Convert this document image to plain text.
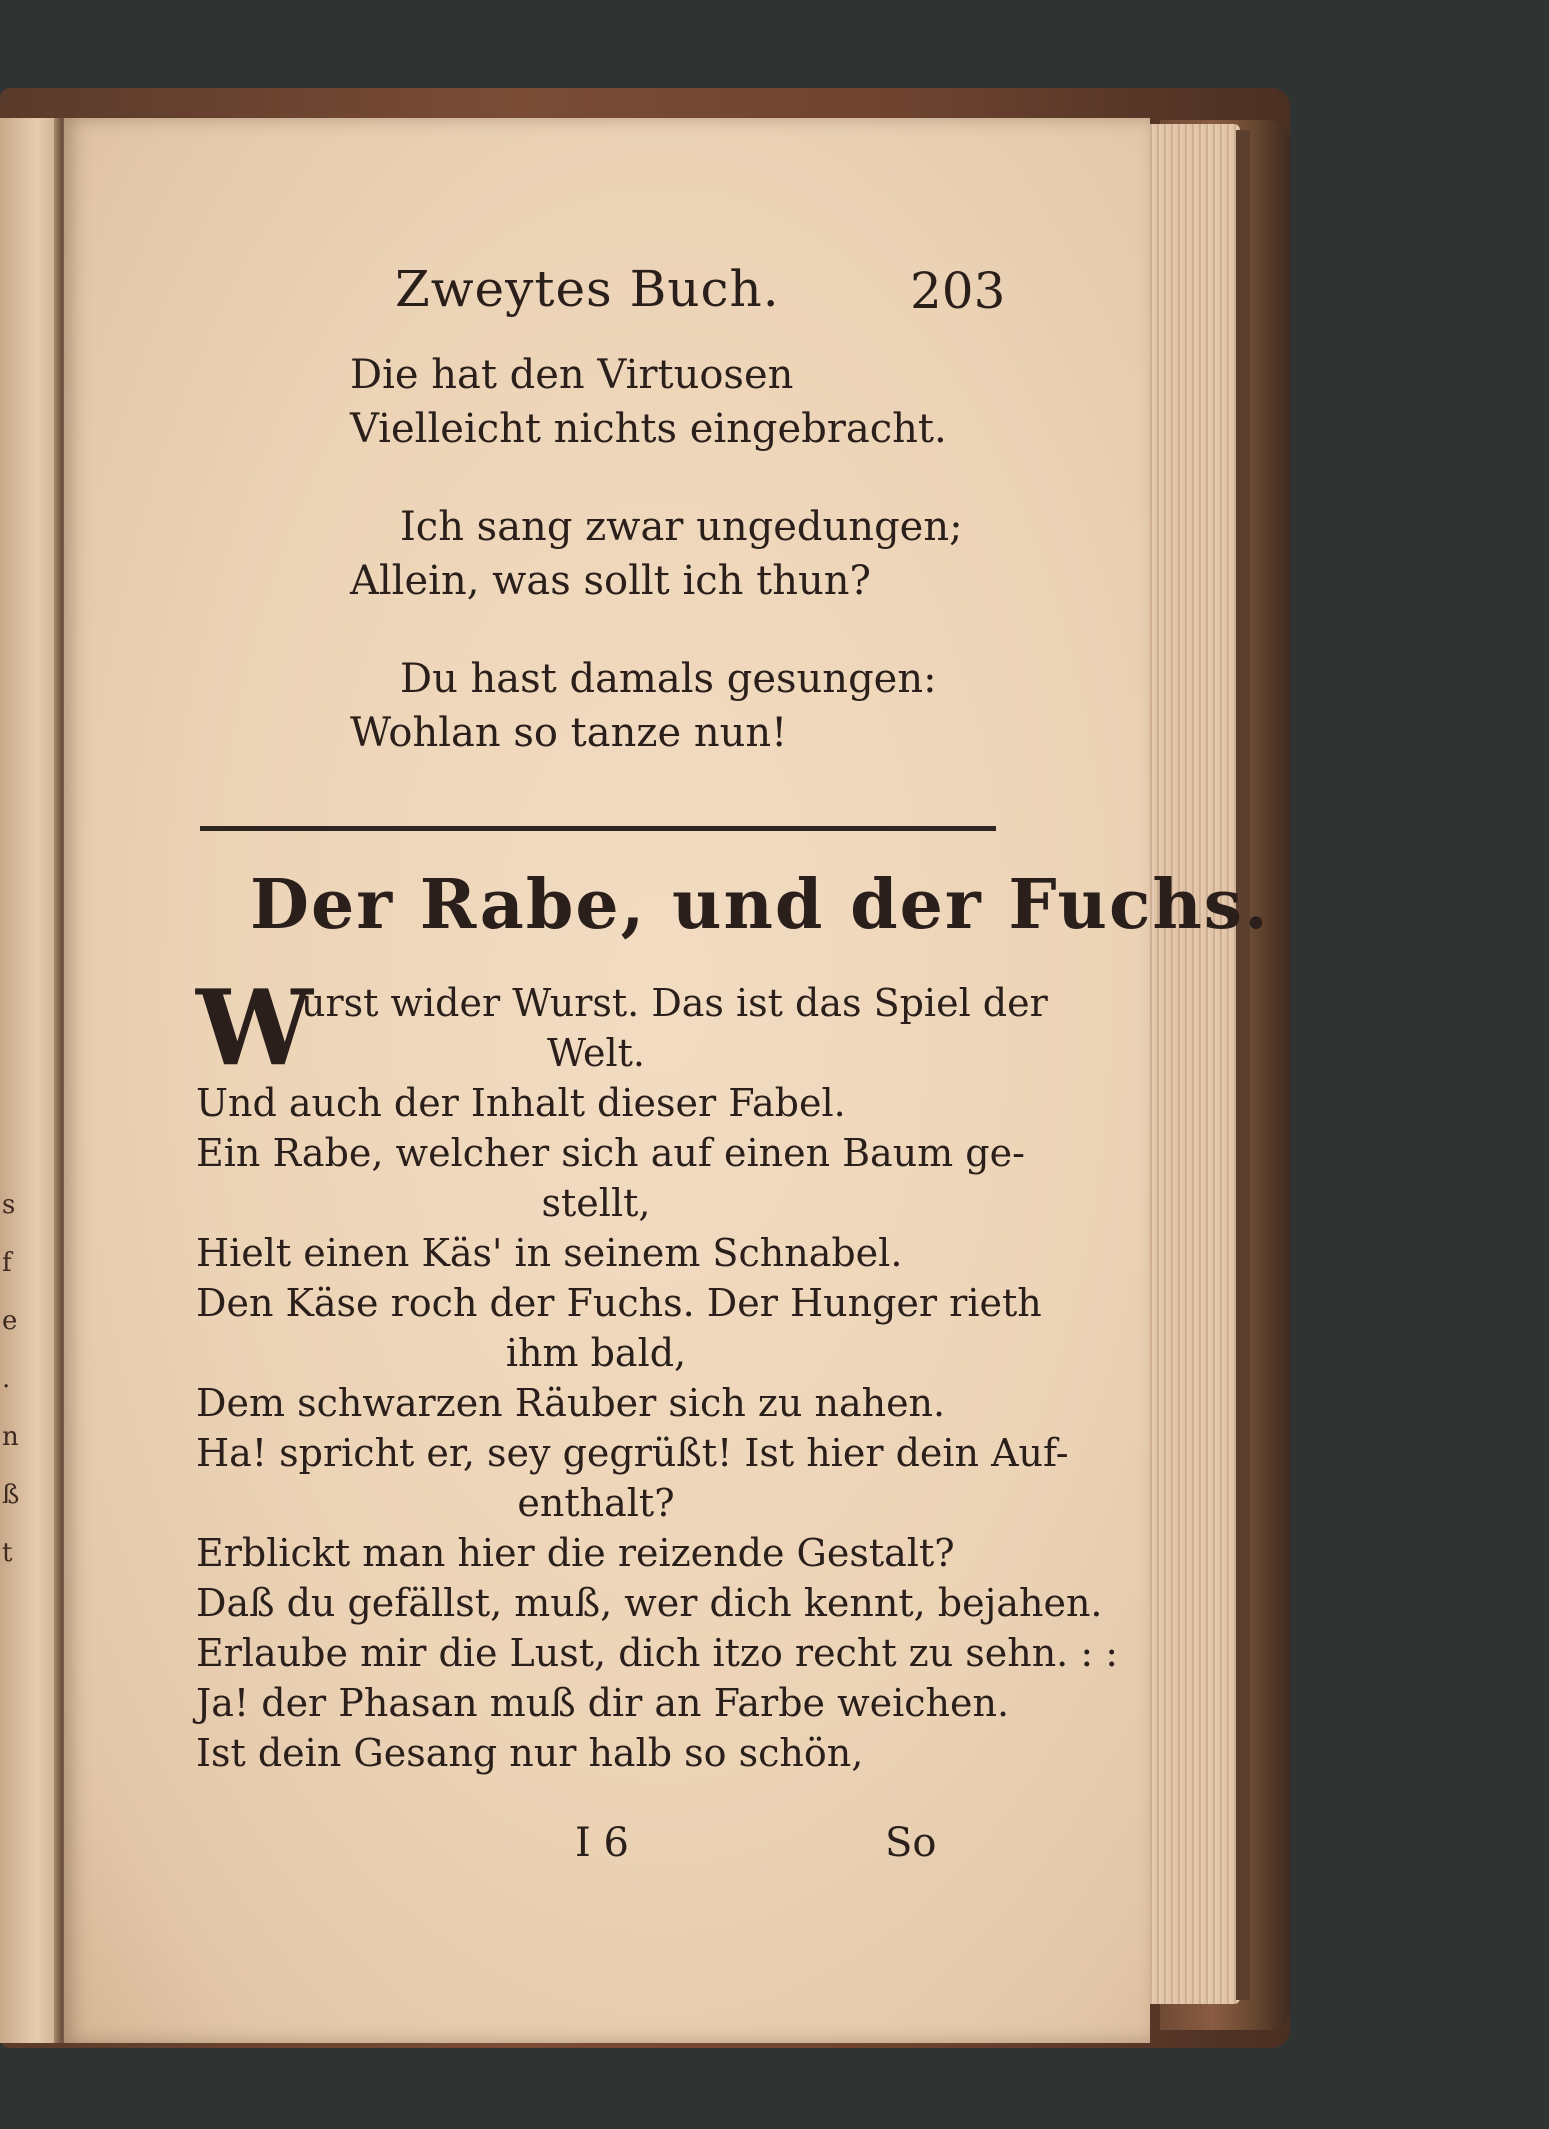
s
f
e
.
n
ß
t
Zweytes Buch.	203
Die hat den Virtuosen
Vielleicht nichts eingebracht.
Ich sang zwar ungedungen;
Allein, was sollt ich thun?
Du hast damals gesungen:
Wohlan so tanze nun!
Der Rabe, und der Fuchs.
W
urst wider Wurst. Das ist das Spiel der
Welt.
Und auch der Inhalt dieser Fabel.
Ein Rabe, welcher sich auf einen Baum ge-
stellt,
Hielt einen Käs' in seinem Schnabel.
Den Käse roch der Fuchs. Der Hunger rieth
ihm bald,
Dem schwarzen Räuber sich zu nahen.
Ha! spricht er, sey gegrüßt! Ist hier dein Auf-
enthalt?
Erblickt man hier die reizende Gestalt?
Daß du gefällst, muß, wer dich kennt, bejahen.
Erlaube mir die Lust, dich itzo recht zu sehn. : :
Ja! der Phasan muß dir an Farbe weichen.
Ist dein Gesang nur halb so schön,
I 6	So
